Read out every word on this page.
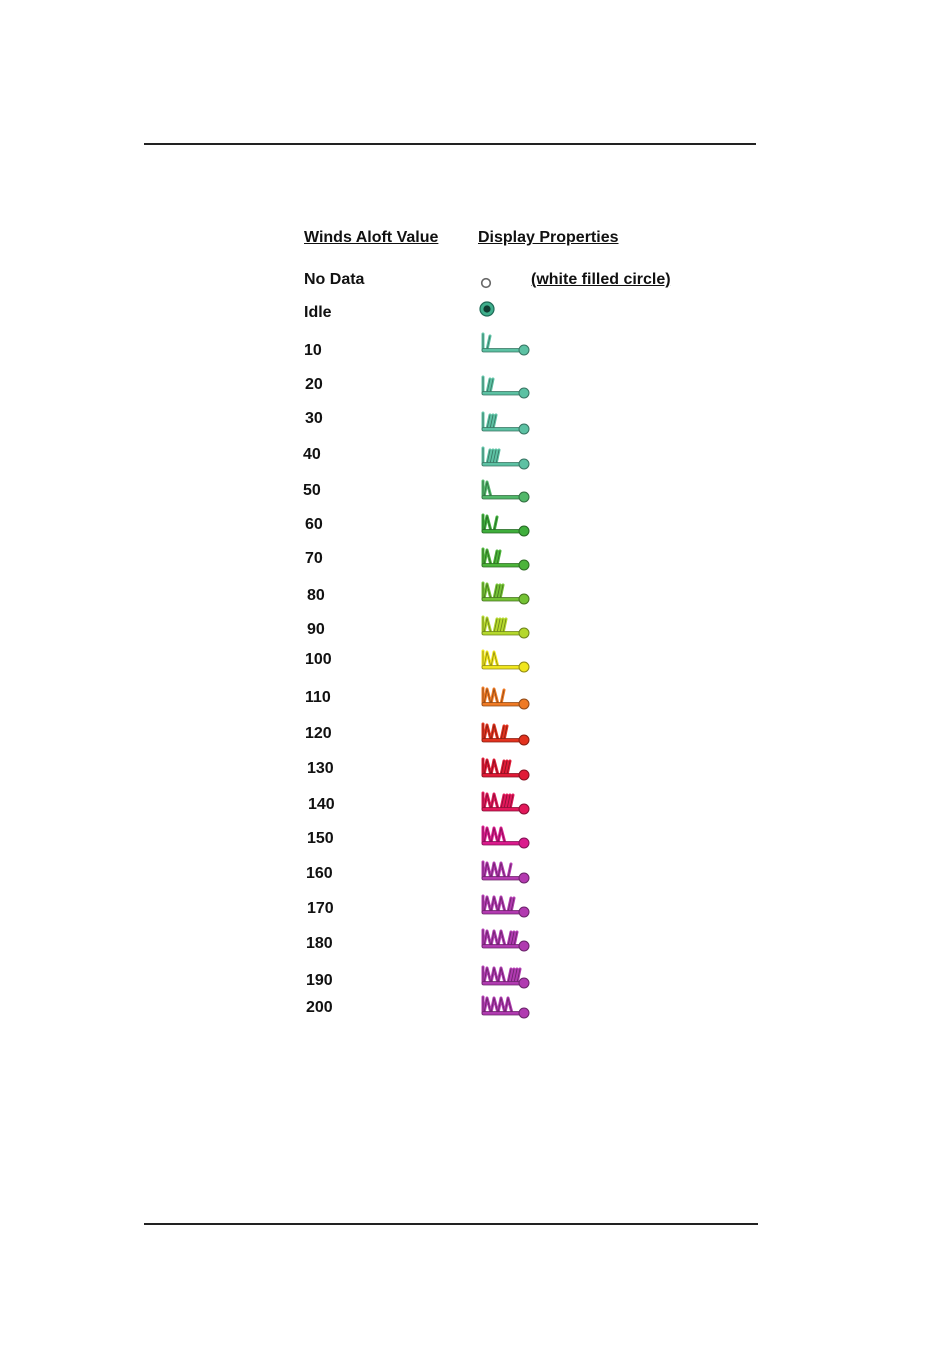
Winds Aloft Value Display Properties
No Data	(white filled circle)
Idle
10
20
30
40
50
60
70
80
90
100
110
120
130
140
150
160
170
180
190
200
